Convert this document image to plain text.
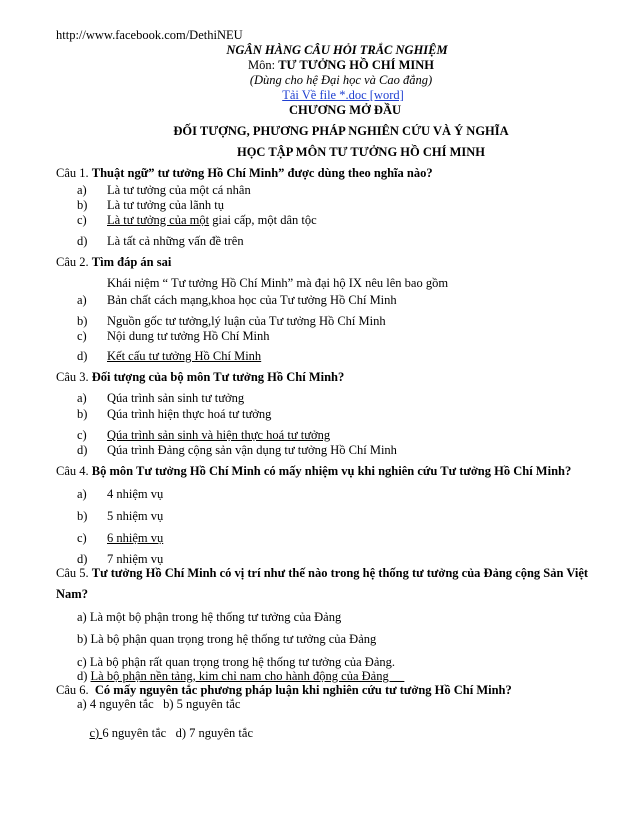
http://www.facebook.com/DethiNEU
NGÂN HÀNG CÂU HỎI TRẮC NGHIỆM
Môn: TƯ TƯỞNG HỒ CHÍ MINH
(Dùng cho hệ Đại học và Cao đẳng)
Tải Về file *.doc [word]
CHƯƠNG MỞ ĐẦU
ĐỐI TƯỢNG, PHƯƠNG PHÁP NGHIÊN CỨU VÀ Ý NGHĨA
HỌC TẬP MÔN TƯ TƯỞNG HỒ CHÍ MINH
Câu 1. Thuật ngữ” tư tưởng Hồ Chí Minh” được dùng theo nghĩa nào?
a) Là tư tưởng của một cá nhân
b) Là tư tưởng của lãnh tụ
c) Là tư tưởng của một giai cấp, một dân tộc
d) Là tất cả những vấn đề trên
Câu 2. Tìm đáp án sai
Khái niệm “ Tư tưởng Hồ Chí Minh” mà đại hộ IX nêu lên bao gồm
a) Bản chất cách mạng,khoa học của Tư tưởng Hồ Chí Minh
b) Nguồn gốc tư tưởng,lý luận của Tư tưởng Hồ Chí Minh
c) Nội dung tư tưởng Hồ Chí Minh
d) Kết cấu tư tưởng Hồ Chí Minh
Câu 3. Đối tượng của bộ môn Tư tưởng Hồ Chí Minh?
a) Qúa trình sản sinh tư tưởng
b) Qúa trình hiện thực hoá tư tưởng
c) Qúa trình sản sinh và hiện thực hoá tư tưởng
d) Qúa trình Đảng cộng sản vận dụng tư tưởng Hồ Chí Minh
Câu 4. Bộ môn Tư tưởng Hồ Chí Minh có mấy nhiệm vụ khi nghiên cứu Tư tưởng Hồ Chí Minh?
a) 4 nhiệm vụ
b) 5 nhiệm vụ
c) 6 nhiệm vụ
d) 7 nhiệm vụ
Câu 5. Tư tưởng Hồ Chí Minh có vị trí như thế nào trong hệ thống tư tưởng của Đảng cộng Sản Việt
Nam?
a) Là một bộ phận trong hệ thống tư tưởng của Đảng
b) Là bộ phận quan trọng trong hệ thống tư tưởng của Đảng
c) Là bộ phận rất quan trọng trong hệ thống tư tưởng của Đảng.
d) Là bộ phận nền tảng, kim chỉ nam cho hành động của Đảng
Câu 6.  Có mấy nguyên tắc phương pháp luận khi nghiên cứu tư tưởng Hồ Chí Minh?
a) 4 nguyên tắc   b) 5 nguyên tắc

c) 6 nguyên tắc   d) 7 nguyên tắc
